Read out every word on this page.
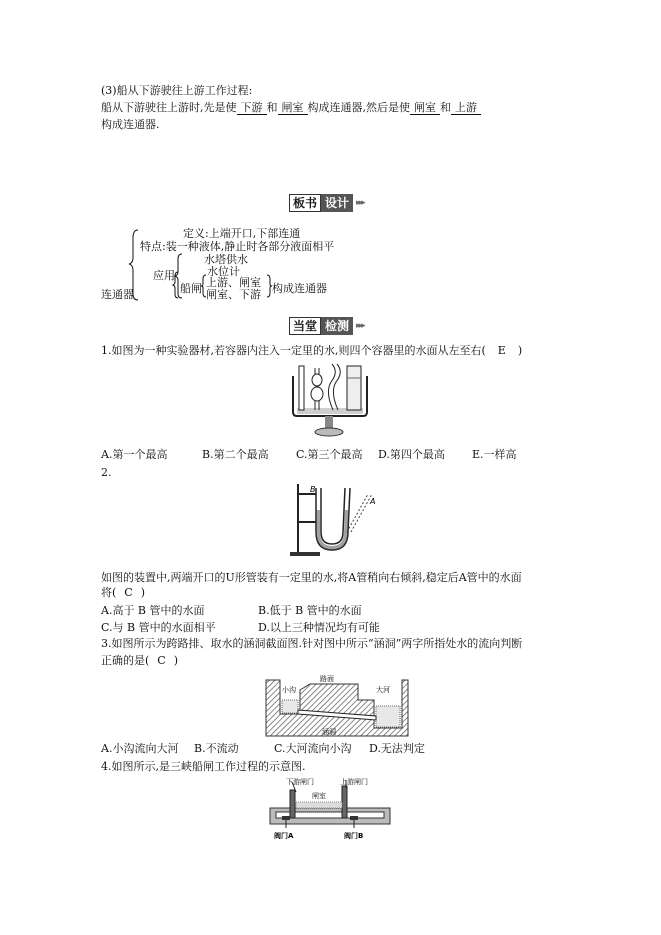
(3)船从下游驶往上游工作过程:
船从下游驶往上游时,先是使 下游 和 闸室 构成连通器,然后是使 闸室 和 上游
构成连通器.
板书 设计 ▸▸▸
连通器
定义:上端开口,下部连通
特点:装一种液体,静止时各部分液面相平
应用
水塔供水
水位计
船闸 上游、闸室
闸室、下游 构成连通器
当堂 检测 ▸▸▸
1.如图为一种实验器材,若容器内注入一定里的水,则四个容器里的水面从左至右( E )
A.第一个最高	B.第二个最高 C.第三个最高 D.第四个最高 E.一样高
2.
B
A
如图的装置中,两端开口的U形管装有一定里的水,将A管稍向右倾斜,稳定后A管中的水面
将( C )
A.高于 B 管中的水面	B.低于 B 管中的水面
C.与 B 管中的水面相平	D.以上三种情况均有可能
3.如图所示为跨路排、取水的涵洞截面图.针对图中所示“涵洞”两字所指处水的流向判断
正确的是( C )
小沟
路面
大河
涵洞
A.小沟流向大河 B.不流动	C.大河流向小沟 D.无法判定
4.如图所示,是三峡船闸工作过程的示意图.
下游闸门	上游闸门
闸室
阀门A	阀门B
